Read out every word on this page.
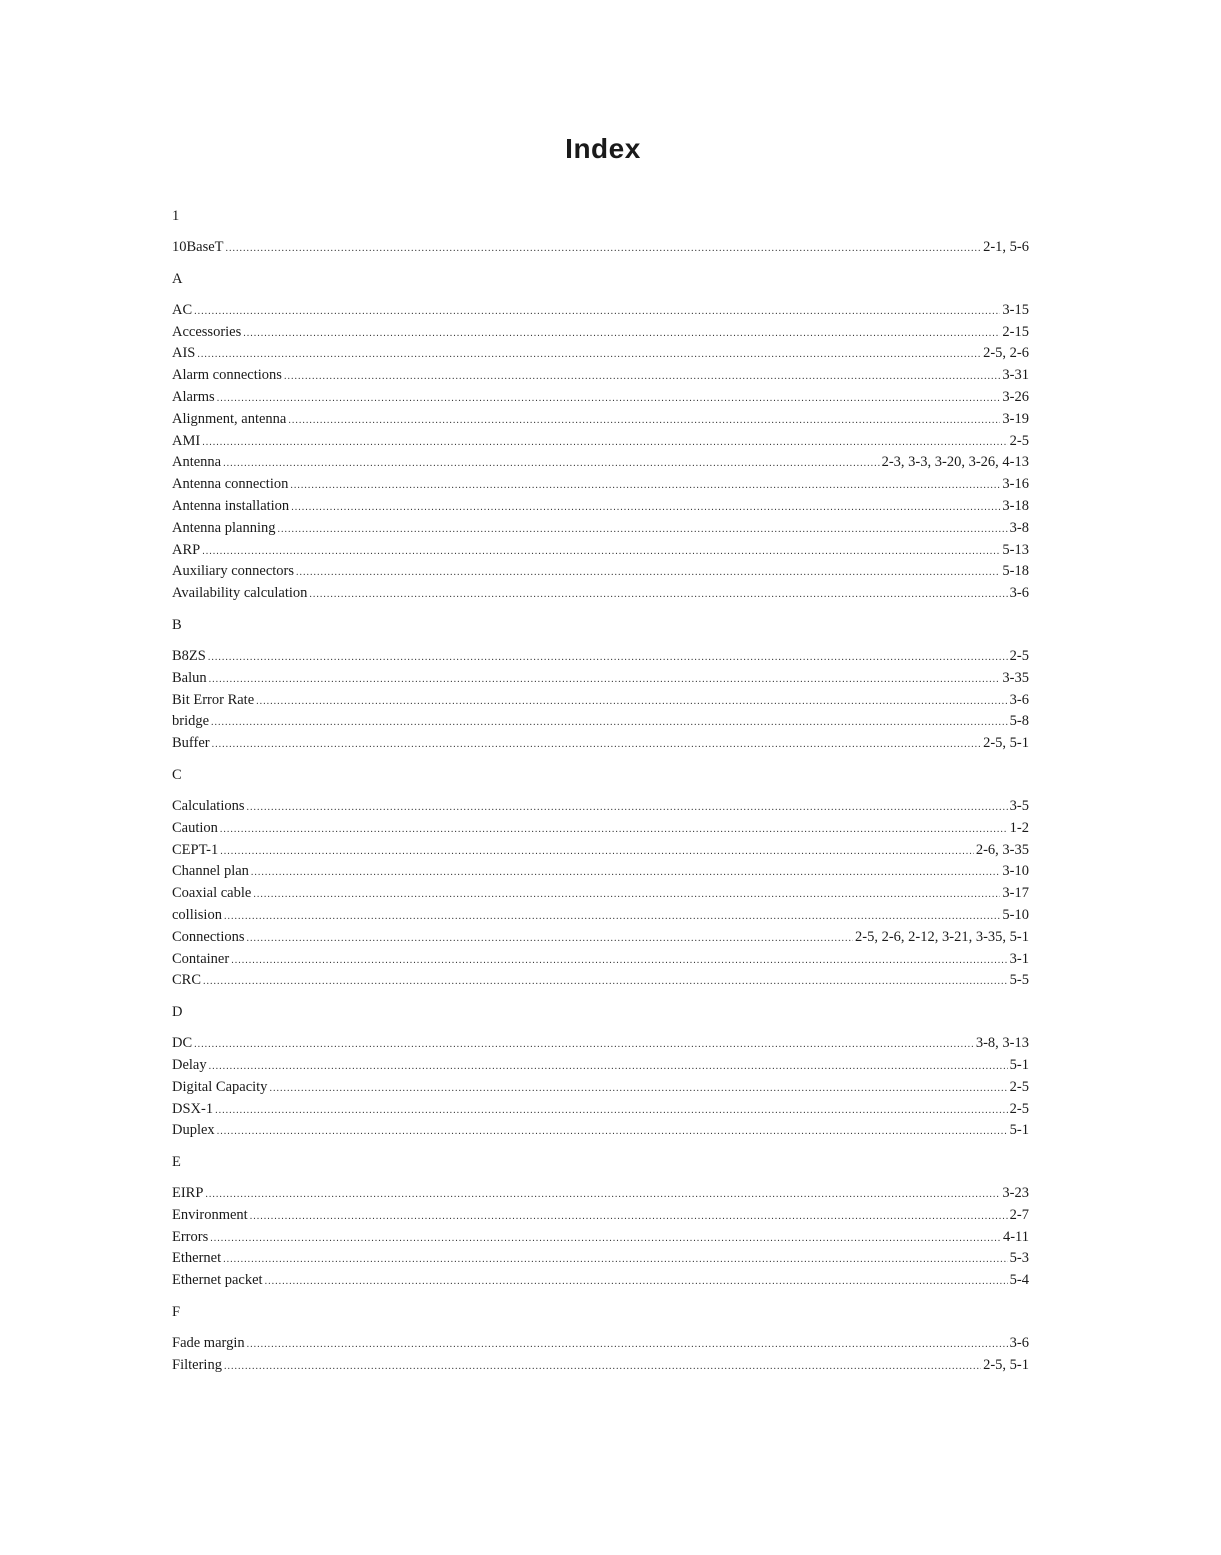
Index
1
10BaseT .....	2-1, 5-6
A
AC .....	3-15
Accessories .....	2-15
AIS .....	2-5, 2-6
Alarm connections .....	3-31
Alarms .....	3-26
Alignment, antenna .....	3-19
AMI .....	2-5
Antenna .....	2-3, 3-3, 3-20, 3-26, 4-13
Antenna connection .....	3-16
Antenna installation .....	3-18
Antenna planning .....	3-8
ARP .....	5-13
Auxiliary connectors .....	5-18
Availability calculation .....	3-6
B
B8ZS .....	2-5
Balun .....	3-35
Bit Error Rate .....	3-6
bridge .....	5-8
Buffer .....	2-5, 5-1
C
Calculations .....	3-5
Caution .....	1-2
CEPT-1 .....	2-6, 3-35
Channel plan .....	3-10
Coaxial cable .....	3-17
collision .....	5-10
Connections .....	2-5, 2-6, 2-12, 3-21, 3-35, 5-1
Container .....	3-1
CRC .....	5-5
D
DC .....	3-8, 3-13
Delay .....	5-1
Digital Capacity .....	2-5
DSX-1 .....	2-5
Duplex .....	5-1
E
EIRP .....	3-23
Environment .....	2-7
Errors .....	4-11
Ethernet .....	5-3
Ethernet packet .....	5-4
F
Fade margin .....	3-6
Filtering .....	2-5, 5-1
